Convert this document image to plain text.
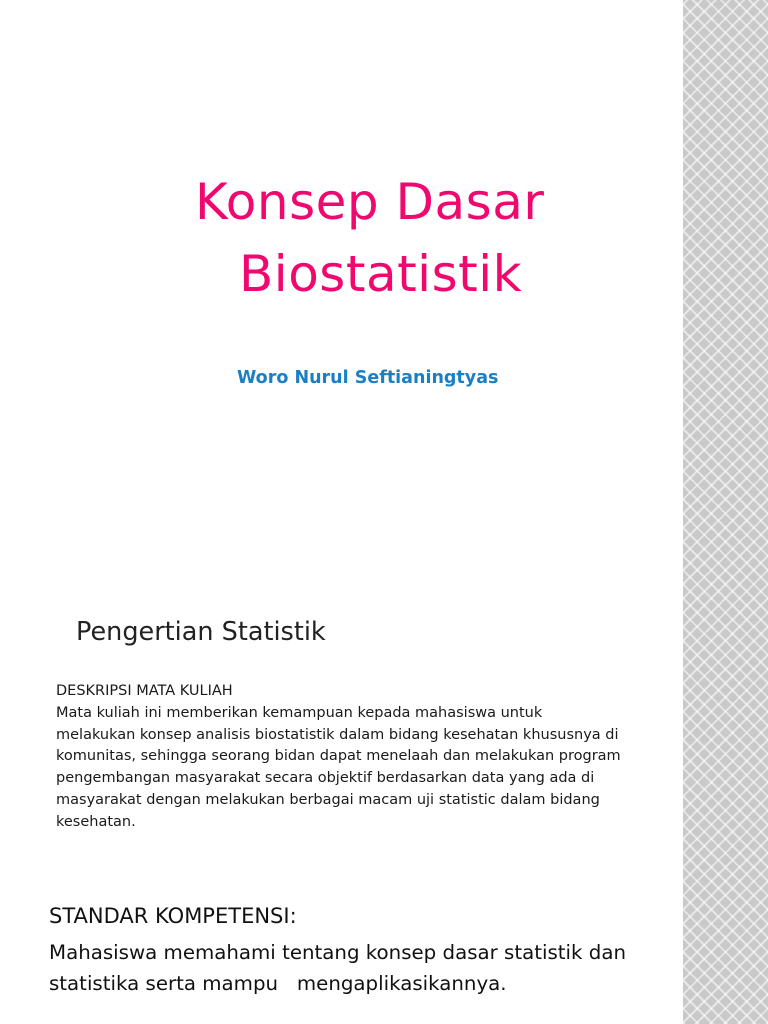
Konsep Dasar
Biostatistik
Woro Nurul Seftianingtyas
Pengertian Statistik
DESKRIPSI MATA KULIAH
Mata kuliah ini memberikan kemampuan kepada mahasiswa untuk
melakukan konsep analisis biostatistik dalam bidang kesehatan khususnya di
komunitas, sehingga seorang bidan dapat menelaah dan melakukan program
pengembangan masyarakat secara objektif berdasarkan data yang ada di
masyarakat dengan melakukan berbagai macam uji statistic dalam bidang
kesehatan.
STANDAR KOMPETENSI:
Mahasiswa memahami tentang konsep dasar statistik dan
statistika serta mampu   mengaplikasikannya.
